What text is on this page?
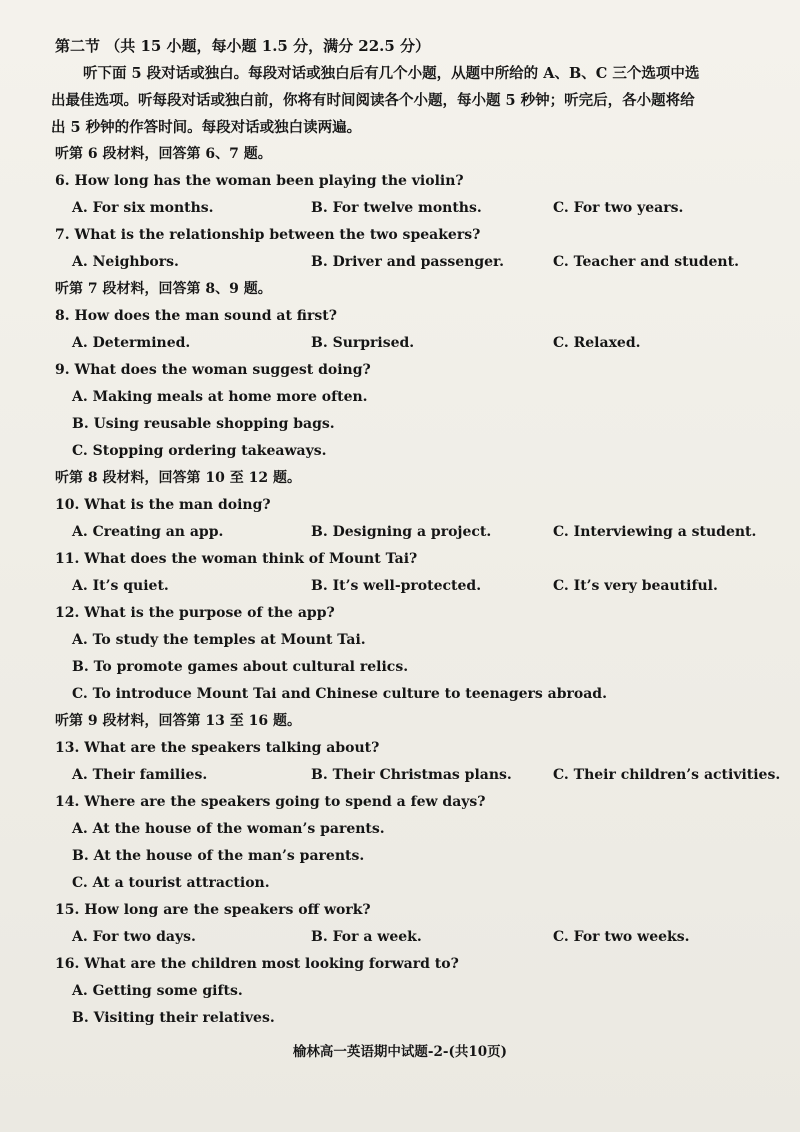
第二节 （共 15 小题，每小题 1.5 分，满分 22.5 分）
听下面 5 段对话或独白。每段对话或独白后有几个小题，从题中所给的 A、B、C 三个选项中选
出最佳选项。听每段对话或独白前，你将有时间阅读各个小题，每小题 5 秒钟；听完后，各小题将给
出 5 秒钟的作答时间。每段对话或独白读两遍。
听第 6 段材料，回答第 6、7 题。
6. How long has the woman been playing the violin?
A. For six months.	B. For twelve months.	C. For two years.
7. What is the relationship between the two speakers?
A. Neighbors.	B. Driver and passenger.	C. Teacher and student.
听第 7 段材料，回答第 8、9 题。
8. How does the man sound at first?
A. Determined.	B. Surprised.	C. Relaxed.
9. What does the woman suggest doing?
A. Making meals at home more often.
B. Using reusable shopping bags.
C. Stopping ordering takeaways.
听第 8 段材料，回答第 10 至 12 题。
10. What is the man doing?
A. Creating an app.	B. Designing a project.	C. Interviewing a student.
11. What does the woman think of Mount Tai?
A. It’s quiet.	B. It’s well-protected.	C. It’s very beautiful.
12. What is the purpose of the app?
A. To study the temples at Mount Tai.
B. To promote games about cultural relics.
C. To introduce Mount Tai and Chinese culture to teenagers abroad.
听第 9 段材料，回答第 13 至 16 题。
13. What are the speakers talking about?
A. Their families.	B. Their Christmas plans.	C. Their children’s activities.
14. Where are the speakers going to spend a few days?
A. At the house of the woman’s parents.
B. At the house of the man’s parents.
C. At a tourist attraction.
15. How long are the speakers off work?
A. For two days.	B. For a week.	C. For two weeks.
16. What are the children most looking forward to?
A. Getting some gifts.
B. Visiting their relatives.
榆林高一英语期中试题-2-(共10页)
